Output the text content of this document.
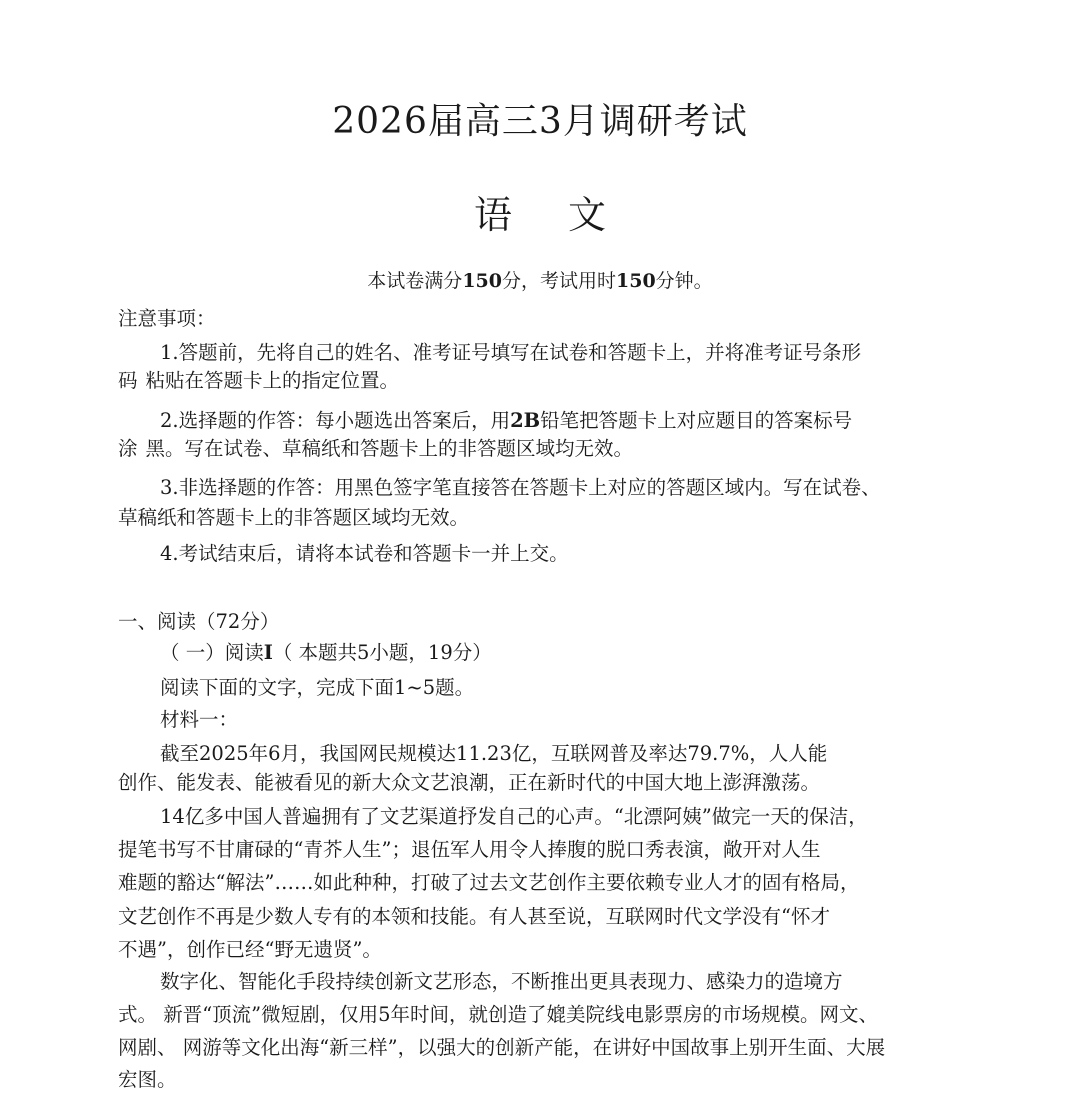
2026届高三3月调研考试
语 文
本试卷满分150分，考试用时150分钟。
注意事项：
1.答题前，先将自己的姓名、准考证号填写在试卷和答题卡上，并将准考证号条形
码 粘贴在答题卡上的指定位置。
2.选择题的作答：每小题选出答案后，用2B铅笔把答题卡上对应题目的答案标号
涂 黑。写在试卷、草稿纸和答题卡上的非答题区域均无效。
3.非选择题的作答：用黑色签字笔直接答在答题卡上对应的答题区域内。写在试卷、
草稿纸和答题卡上的非答题区域均无效。
4.考试结束后，请将本试卷和答题卡一并上交。
一、阅读（72分）
（ 一）阅读I（ 本题共5小题，19分）
阅读下面的文字，完成下面1~5题。
材料一：
截至2025年6月，我国网民规模达11.23亿，互联网普及率达79.7%，人人能
创作、能发表、能被看见的新大众文艺浪潮，正在新时代的中国大地上澎湃激荡。
14亿多中国人普遍拥有了文艺渠道抒发自己的心声。“北漂阿姨”做完一天的保洁，
提笔书写不甘庸碌的“青芥人生”；退伍军人用令人捧腹的脱口秀表演，敞开对人生
难题的豁达“解法”……如此种种，打破了过去文艺创作主要依赖专业人才的固有格局，
文艺创作不再是少数人专有的本领和技能。有人甚至说，互联网时代文学没有“怀才
不遇”，创作已经“野无遗贤”。
数字化、智能化手段持续创新文艺形态，不断推出更具表现力、感染力的造境方
式。 新晋“顶流”微短剧，仅用5年时间，就创造了媲美院线电影票房的市场规模。网文、
网剧、 网游等文化出海“新三样”，以强大的创新产能，在讲好中国故事上别开生面、大展
宏图。
